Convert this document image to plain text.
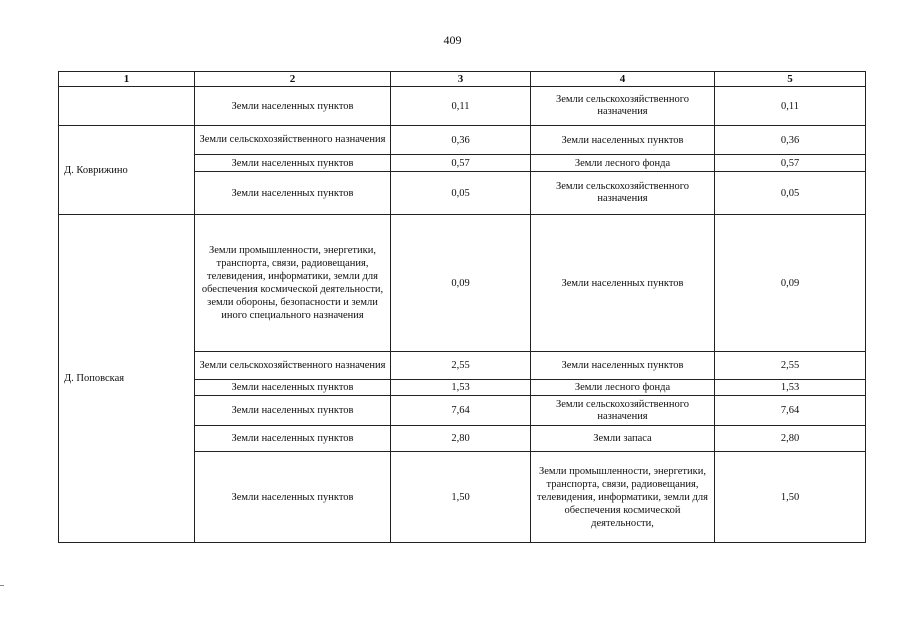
409
1	2	3	4	5
	Земли населенных пунктов	0,11	Земли сельскохозяйственного назначения	0,11
Д. Коврижино	Земли сельскохозяйственного назначения	0,36	Земли населенных пунктов	0,36
	Земли населенных пунктов	0,57	Земли лесного фонда	0,57
	Земли населенных пунктов	0,05	Земли сельскохозяйственного назначения	0,05
Д. Поповская	Земли промышленности, энергетики, транспорта, связи, радиовещания, телевидения, информатики, земли для обеспечения космической деятельности, земли обороны, безопасности и земли иного специального назначения	0,09	Земли населенных пунктов	0,09
	Земли сельскохозяйственного назначения	2,55	Земли населенных пунктов	2,55
	Земли населенных пунктов	1,53	Земли лесного фонда	1,53
	Земли населенных пунктов	7,64	Земли сельскохозяйственного назначения	7,64
	Земли населенных пунктов	2,80	Земли запаса	2,80
	Земли населенных пунктов	1,50	Земли промышленности, энергетики, транспорта, связи, радиовещания, телевидения, информатики, земли для обеспечения космической деятельности,	1,50
